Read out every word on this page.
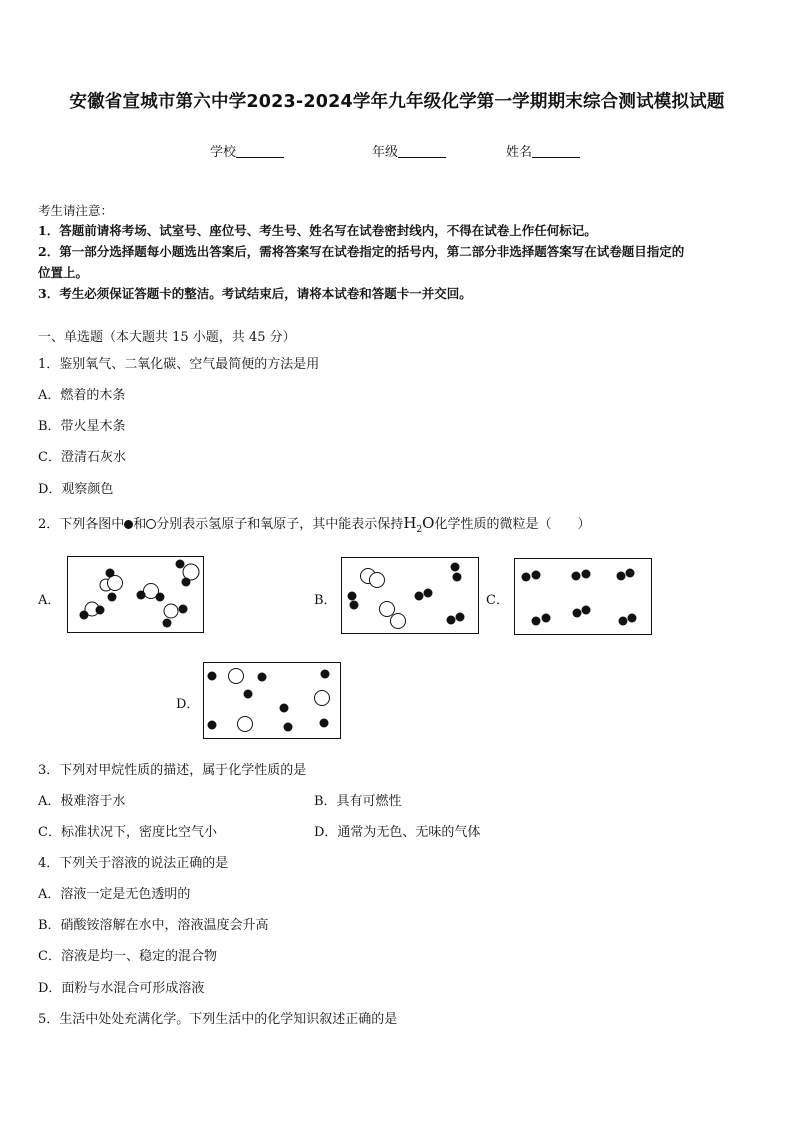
安徽省宣城市第六中学2023-2024学年九年级化学第一学期期末综合测试模拟试题
学校	年级	姓名
考生请注意：
1．答题前请将考场、试室号、座位号、考生号、姓名写在试卷密封线内，不得在试卷上作任何标记。
2．第一部分选择题每小题选出答案后，需将答案写在试卷指定的括号内，第二部分非选择题答案写在试卷题目指定的
位置上。
3．考生必须保证答题卡的整洁。考试结束后，请将本试卷和答题卡一并交回。
一、单选题（本大题共 15 小题，共 45 分）
1．鉴别氧气、二氧化碳、空气最简便的方法是用
A．燃着的木条
B．带火星木条
C．澄清石灰水
D．观察颜色
2．下列各图中 和 分别表示氢原子和氧原子，其中能表示保持$H_2O$化学性质的微粒是（　　）
A．	B．	C．
D．
3．下列对甲烷性质的描述，属于化学性质的是
A．极难溶于水	B．具有可燃性
C．标准状况下，密度比空气小	D．通常为无色、无味的气体
4．下列关于溶液的说法正确的是
A．溶液一定是无色透明的
B．硝酸铵溶解在水中，溶液温度会升高
C．溶液是均一、稳定的混合物
D．面粉与水混合可形成溶液
5．生活中处处充满化学。下列生活中的化学知识叙述正确的是
